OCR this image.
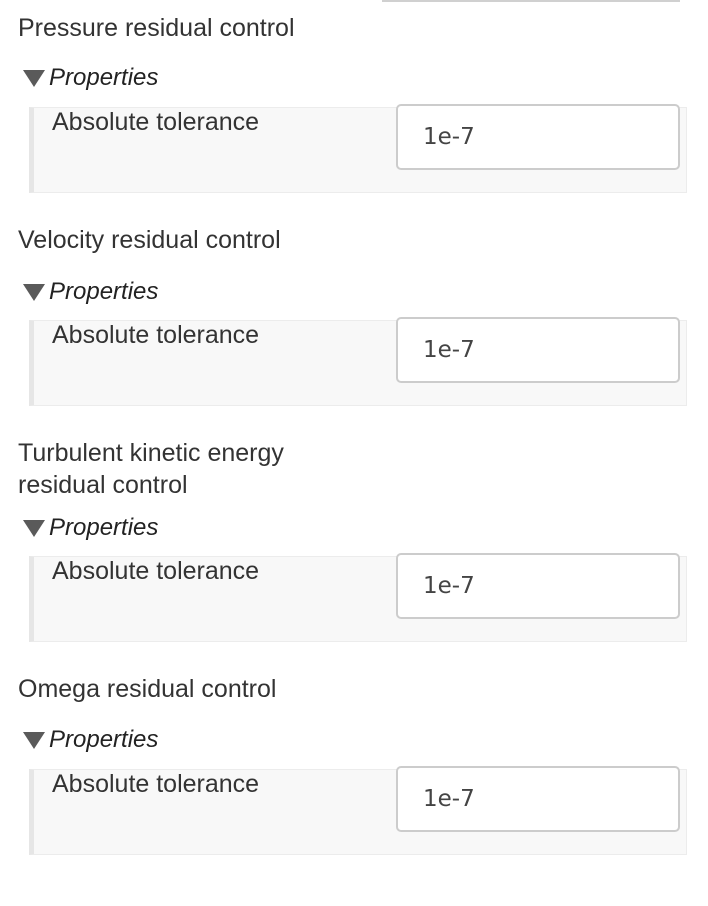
Pressure residual control
Properties
Absolute tolerance
1e-7
Velocity residual control
Properties
Absolute tolerance
1e-7
Turbulent kinetic energy residual control
Properties
Absolute tolerance
1e-7
Omega residual control
Properties
Absolute tolerance
1e-7
